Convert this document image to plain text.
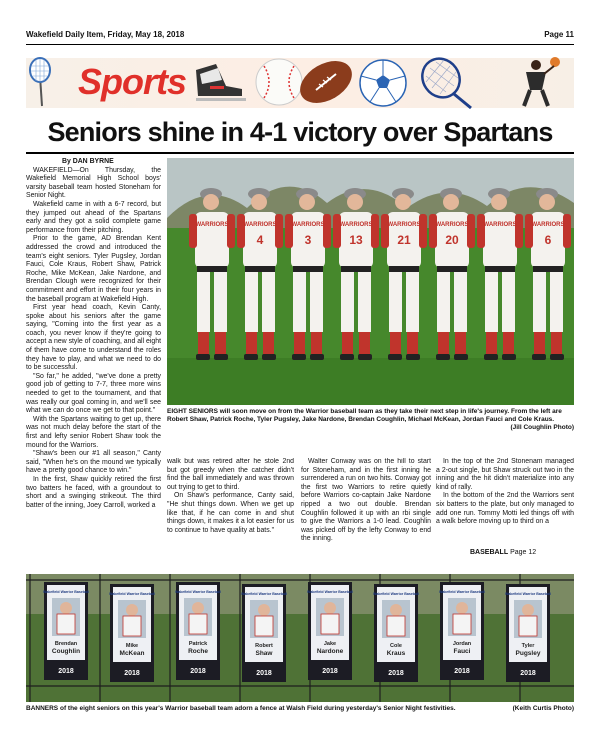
Wakefield Daily Item, Friday, May 18, 2018	Page 11
Sports
Seniors shine in 4-1 victory over Spartans

By DAN BYRNE

WAKEFIELD—On Thursday, the Wakefield Memorial High School boys' varsity baseball team hosted Stoneham for Senior Night.

Wakefield came in with a 6-7 record, but they jumped out ahead of the Spartans early and they got a solid complete game performance from their pitching.

Prior to the game, AD Brendan Kent addressed the crowd and introduced the team's eight seniors. Tyler Pugsley, Jordan Fauci, Cole Kraus, Robert Shaw, Patrick Roche, Mike McKean, Jake Nardone, and Brendan Clough were recognized for their commitment and effort in their four years in the baseball program at Wakefield High.

First year head coach, Kevin Canty, spoke about his seniors after the game saying, "Coming into the first year as a coach, you never know if they're going to accept a new style of coaching, and all eight of them have come to understand the roles they have to play, and what we need to do to be successful.

"So far," he added, "we've done a pretty good job of getting to 7-7, three more wins needed to get to the tournament, and that was really our goal coming in, and we'll see what we can do once we get to that point."

With the Spartans waiting to get up, there was not much delay before the start of the first and lefty senior Robert Shaw took the mound for the Warriors.

"Shaw's been our #1 all season," Canty said, "When he's on the mound we typically have a pretty good chance to win."

In the first, Shaw quickly retired the first two batters he faced, with a groundout to short and a swinging strikeout. The third batter of the inning, Joey Carroll, worked a

WARRIORS	WARRIORS
4
WARRIORS
3
WARRIORS
13
WARRIORS
21
WARRIORS
20
WARRIORS	WARRIORS
6
EIGHT SENIORS will soon move on from the Warrior baseball team as they take their next step in life's journey. From the left are Robert Shaw, Patrick Roche, Tyler Pugsley, Jake Nardone, Brendan Coughlin, Michael McKean, Jordan Fauci and Cole Kraus.
(Jill Coughlin Photo)

walk but was retired after he stole 2nd but got greedy when the catcher didn't find the ball immediately and was thrown out trying to get to third.

On Shaw's performance, Canty said, "He shut things down. When we get up like that, if he can come in and shut things down, it makes it a lot easier for us to continue to have quality at bats."

Walter Conway was on the hill to start for Stoneham, and in the first inning he surrendered a run on two hits. Conway got the first two Warriors to retire quietly before Warriors co-captain Jake Nardone ripped a two out double. Brendan Coughlin followed it up with an rbi single to give the Warriors a 1-0 lead. Coughlin was picked off by the lefty Conway to end the inning.

In the top of the 2nd Stonenam managed a 2-out single, but Shaw struck out two in the inning and the hit didn't materialize into any kind of rally.

In the bottom of the 2nd the Warriors sent six batters to the plate, but only managed to add one run. Tommy Motti led things off with a walk before moving up to third on a

BASEBALL Page 12
Wakefield Warrior Baseball
Brendan
Coughlin
2018
Wakefield Warrior Baseball
Mike
McKean
2018
Wakefield Warrior Baseball
Patrick
Roche
2018
Wakefield Warrior Baseball
Robert
Shaw
2018
Wakefield Warrior Baseball
Jake
Nardone
2018
Wakefield Warrior Baseball
Cole
Kraus
2018
Wakefield Warrior Baseball
Jordan
Fauci
2018
Wakefield Warrior Baseball
Tyler
Pugsley
2018
BANNERS of the eight seniors on this year's Warrior baseball team adorn a fence at Walsh Field during yesterday's Senior Night festivities.	(Keith Curtis Photo)
